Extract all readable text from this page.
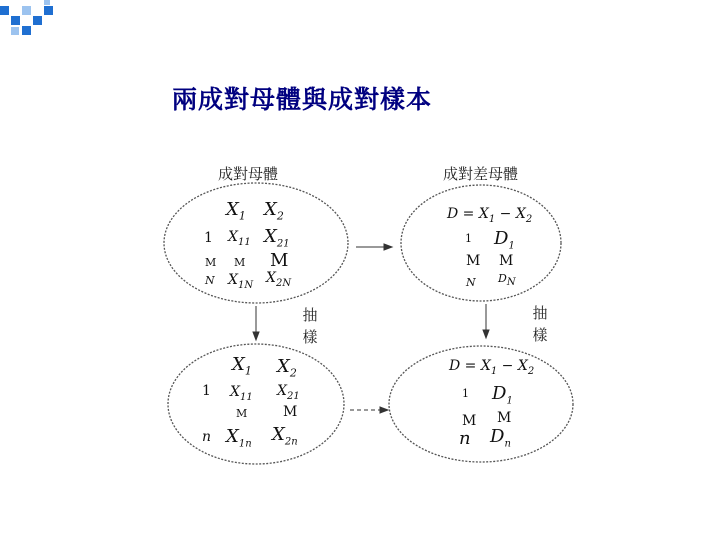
兩成對母體與成對樣本
成對母體
$X_1$ $X_2$
1 $X_{11}$ $X_{21}$
M M M
N $X_{1N}$ $X_{2N}$
成對差母體
$D = X_1 - X_2$
1 $D_1$
M M
N $D_N$
抽
樣
抽
樣
$X_1$ $X_2$
1 $X_{11}$ $X_{21}$
M	M
n $X_{1n}$ $X_{2n}$
$D = X_1 - X_2$
1 $D_1$
M M
n $D_n$
